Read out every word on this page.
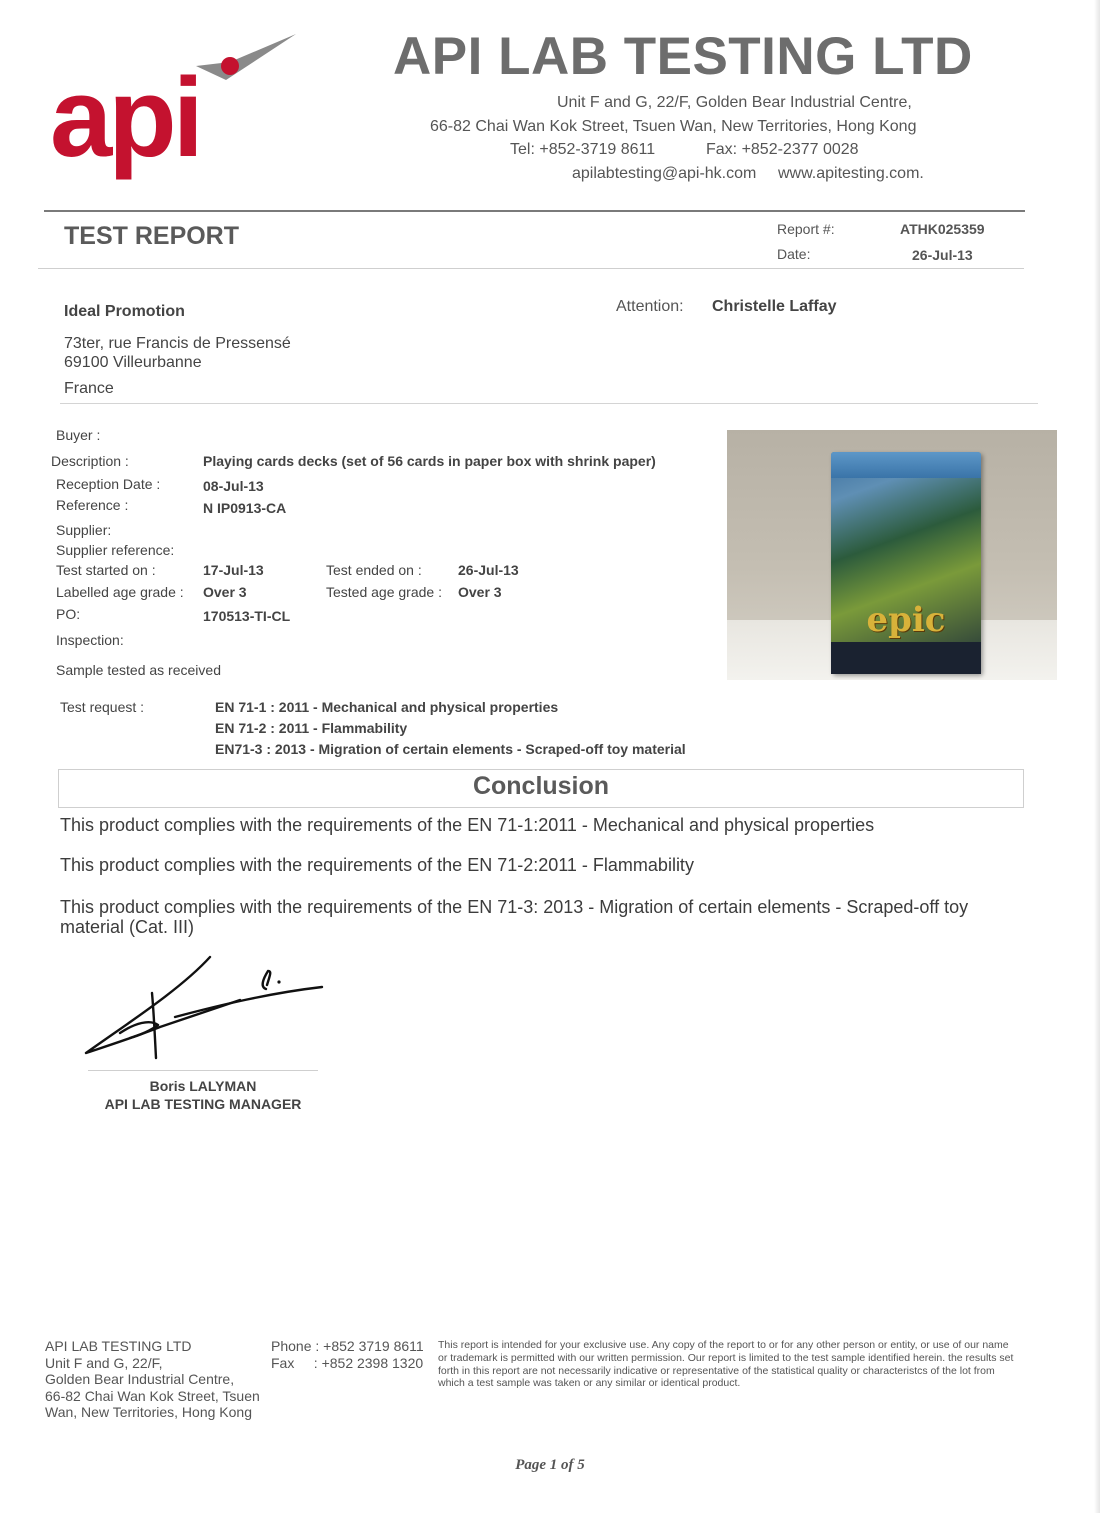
api	API LAB TESTING LTD
Unit F and G, 22/F, Golden Bear Industrial Centre,
66-82 Chai Wan Kok Street, Tsuen Wan, New Territories, Hong Kong
Tel: +852-3719 8611	Fax: +852-2377 0028
apilabtesting@api-hk.com www.apitesting.com.
TEST REPORT	Report #:	ATHK025359
Date:	26-Jul-13
Ideal Promotion
73ter, rue Francis de Pressensé
69100 Villeurbanne
France
Attention: Christelle Laffay
Buyer :
Description :	Playing cards decks (set of 56 cards in paper box with shrink paper)
Reception Date :	08-Jul-13
Reference :	N IP0913-CA
Supplier:
Supplier reference:
Test started on :	17-Jul-13	Test ended on :	26-Jul-13
Labelled age grade : Over 3	Tested age grade : Over 3
PO:	170513-TI-CL
Inspection:
Sample tested as received
Test request :	EN 71-1 : 2011 - Mechanical and physical properties
EN 71-2 : 2011 - Flammability
EN71-3 : 2013 - Migration of certain elements - Scraped-off toy material
epic
Conclusion
This product complies with the requirements of the EN 71-1:2011 - Mechanical and physical properties
This product complies with the requirements of the EN 71-2:2011 - Flammability
This product complies with the requirements of the EN 71-3: 2013 - Migration of certain elements - Scraped-off toy material (Cat. III)
Boris LALYMAN
API LAB TESTING MANAGER
API LAB TESTING LTD
Unit F and G, 22/F,
Golden Bear Industrial Centre,
66-82 Chai Wan Kok Street, Tsuen
Wan, New Territories, Hong Kong
Phone : +852 3719 8611
Fax     : +852 2398 1320
This report is intended for your exclusive use. Any copy of the report to or for any other person or entity, or use of our name or trademark is permitted with our written permission. Our report is limited to the test sample identified herein. the results set forth in this report are not necessarily indicative or representative of the statistical quality or characteristcs of the lot from which a test sample was taken or any similar or identical product.
Page 1 of 5
